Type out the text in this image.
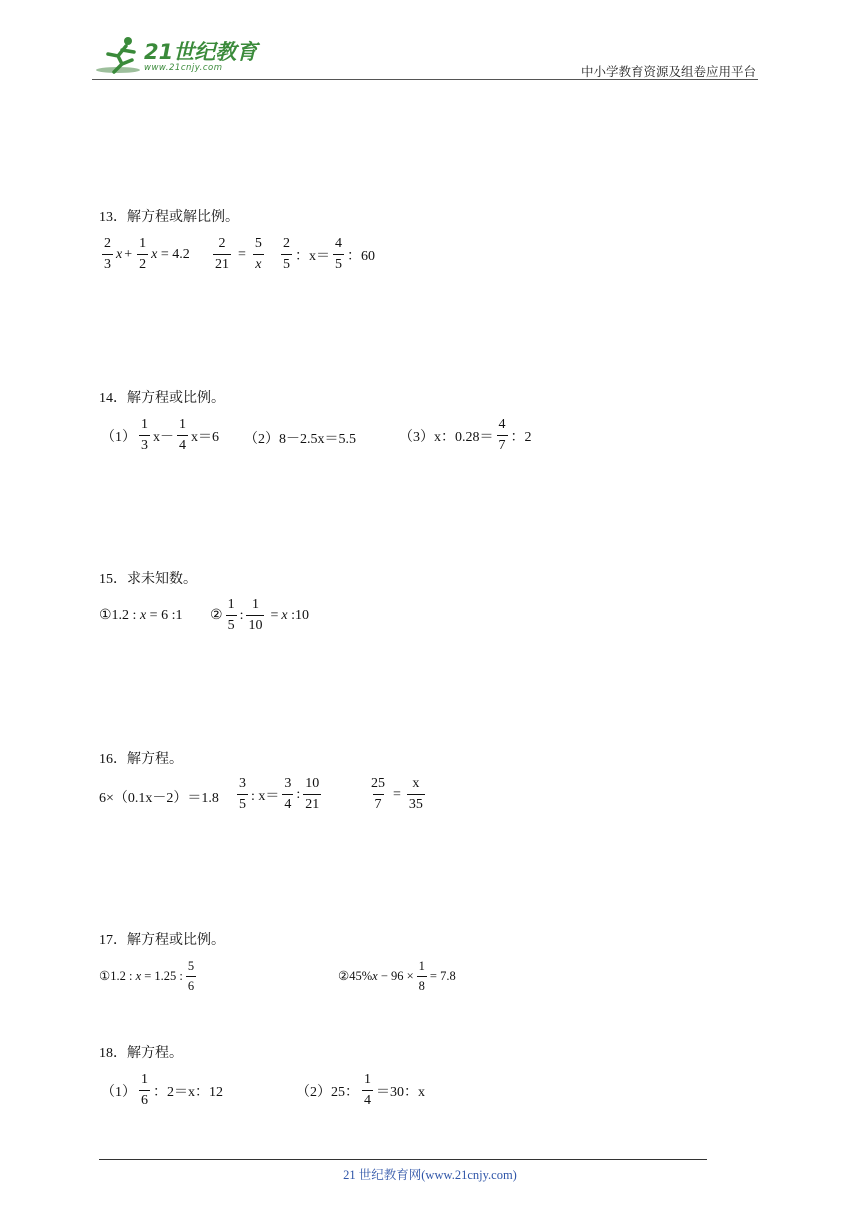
21世纪教育
www.21cnjy.com	中小学教育资源及组卷应用平台
13．解方程或解比例。
$\frac{2}{3}$ $x + \frac{1}{2}$ x
= $4.2 \frac{2}{21} = \frac{5}{x} \frac{2}{5}$ ：$x= \frac{4}{5}$ ：60
14．解方程或比例。
$(1) \frac{1}{3} x- \frac{1}{4} x=6$ （2）8－2.5x＝5.5	（3）x：$0.28= \frac{4}{7}$ ：2
15．求未知数。
①1.2 :
x
= 6 :1 ② $\frac{1}{5}$ : $\frac{1}{10} = x$
:10
16．解方程。
$6\times(0.1x-2)=1.8 \frac{3}{5}$ : $x= \frac{3}{4}$ : $\frac{10}{21}$	$\frac{25}{7} = \frac{x}{35}$
17．解方程或比例。
①1.2 :
x
= 1.25 : $\frac{5}{6}$	②45% x
− $96 \times \frac{1}{8} = 7.8$
18．解方程。
$(1) \frac{1}{6}$ ：2＝x：12	（2）25： $\frac{1}{4} =30$：x
21 世纪教育网(www.21cnjy.com)
